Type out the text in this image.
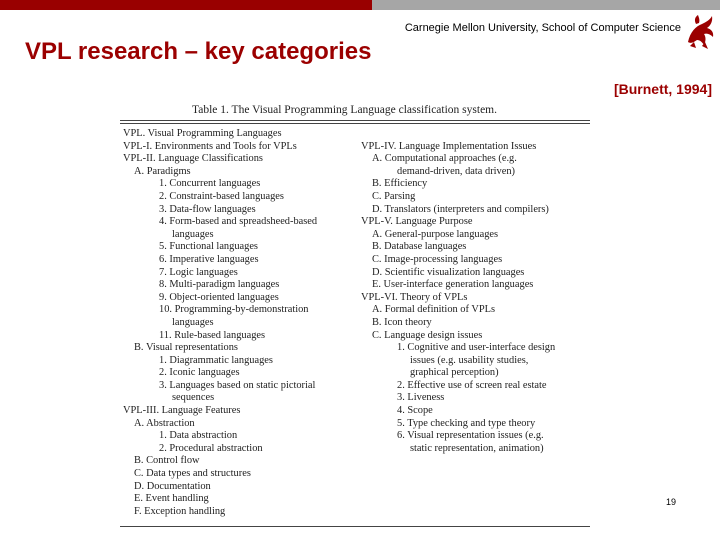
Carnegie Mellon University, School of Computer Science
VPL research – key categories
[Burnett, 1994]
Table 1. The Visual Programming Language classification system.
VPL. Visual Programming Languages
VPL-I. Environments and Tools for VPLs
VPL-II. Language Classifications
A. Paradigms
1. Concurrent languages
2. Constraint-based languages
3. Data-flow languages
4. Form-based and spreadsheed-based
languages
5. Functional languages
6. Imperative languages
7. Logic languages
8. Multi-paradigm languages
9. Object-oriented languages
10. Programming-by-demonstration
languages
11. Rule-based languages
B. Visual representations
1. Diagrammatic languages
2. Iconic languages
3. Languages based on static pictorial
sequences
VPL-III. Language Features
A. Abstraction
1. Data abstraction
2. Procedural abstraction
B. Control flow
C. Data types and structures
D. Documentation
E. Event handling
F. Exception handling
VPL-IV. Language Implementation Issues
A. Computational approaches (e.g.
demand-driven, data driven)
B. Efficiency
C. Parsing
D. Translators (interpreters and compilers)
VPL-V. Language Purpose
A. General-purpose languages
B. Database languages
C. Image-processing languages
D. Scientific visualization languages
E. User-interface generation languages
VPL-VI. Theory of VPLs
A. Formal definition of VPLs
B. Icon theory
C. Language design issues
1. Cognitive and user-interface design
issues (e.g. usability studies,
graphical perception)
2. Effective use of screen real estate
3. Liveness
4. Scope
5. Type checking and type theory
6. Visual representation issues (e.g.
static representation, animation)
19
